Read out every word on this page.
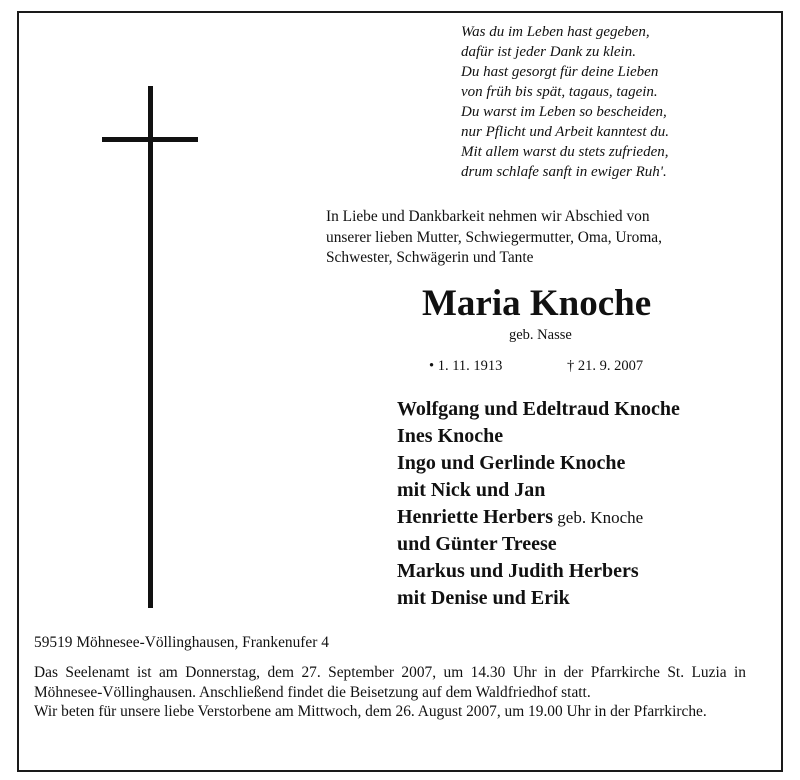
Was du im Leben hast gegeben,
dafür ist jeder Dank zu klein.
Du hast gesorgt für deine Lieben
von früh bis spät, tagaus, tagein.
Du warst im Leben so bescheiden,
nur Pflicht und Arbeit kanntest du.
Mit allem warst du stets zufrieden,
drum schlafe sanft in ewiger Ruh'.
In Liebe und Dankbarkeit nehmen wir Abschied von
unserer lieben Mutter, Schwiegermutter, Oma, Uroma,
Schwester, Schwägerin und Tante
Maria Knoche
geb. Nasse
• 1. 11. 1913	† 21. 9. 2007
Wolfgang und Edeltraud Knoche
Ines Knoche
Ingo und Gerlinde Knoche
mit Nick und Jan
Henriette Herbers geb. Knoche
und Günter Treese
Markus und Judith Herbers
mit Denise und Erik
59519 Möhnesee-Völlinghausen, Frankenufer 4

Das Seelenamt ist am Donnerstag, dem 27. September 2007, um 14.30 Uhr in der Pfarrkirche St. Luzia in Möhnesee-Völlinghausen. Anschließend findet die Beisetzung auf dem Waldfriedhof statt.

Wir beten für unsere liebe Verstorbene am Mittwoch, dem 26. August 2007, um 19.00 Uhr in der Pfarrkirche.
